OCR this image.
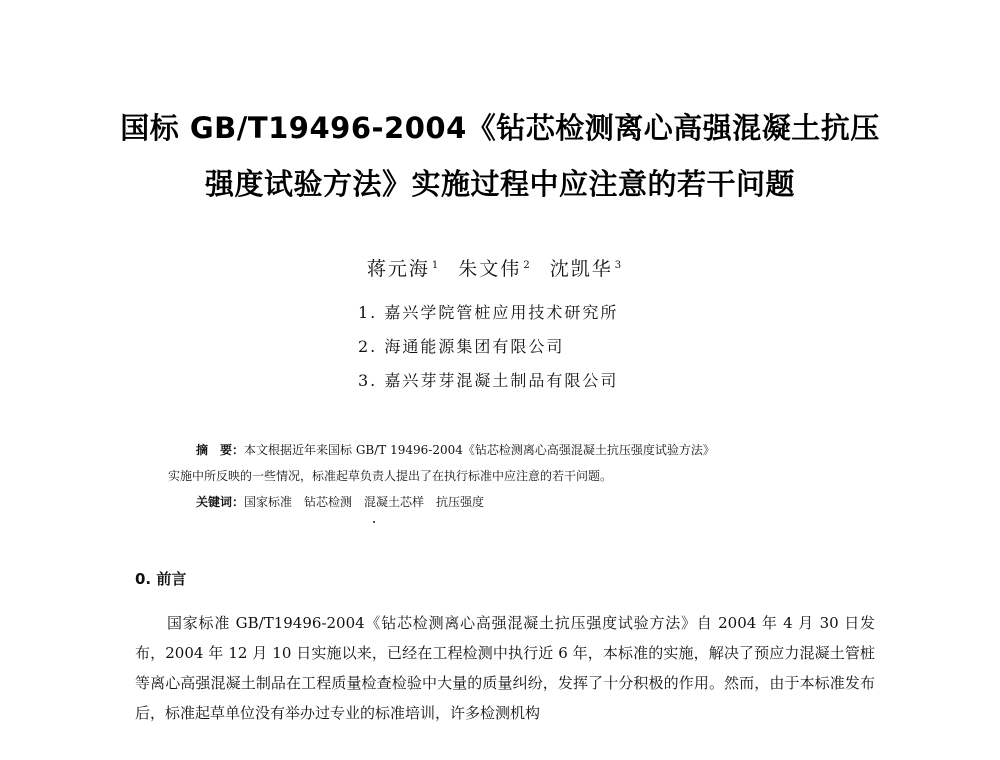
国标 GB/T19496-2004《钻芯检测离心高强混凝土抗压
强度试验方法》实施过程中应注意的若干问题
蒋元海 $^1$ 朱文伟 $^2$ 沈凯华 $^3$
1. 嘉兴学院管桩应用技术研究所
2. 海通能源集团有限公司
3. 嘉兴芽芽混凝土制品有限公司
摘　要：本文根据近年来国标 GB/T 19496-2004《钻芯检测离心高强混凝土抗压强度试验方法》
实施中所反映的一些情况，标准起草负责人提出了在执行标准中应注意的若干问题。
关键词：国家标准　钻芯检测　混凝土芯样　抗压强度
0. 前言

国家标准 GB/T19496-2004《钻芯检测离心高强混凝土抗压强度试验方法》自 2004 年 4 月 30 日发布，2004 年 12 月 10 日实施以来，已经在工程检测中执行近 6 年，本标准的实施，解决了预应力混凝土管桩等离心高强混凝土制品在工程质量检查检验中大量的质量纠纷，发挥了十分积极的作用。然而，由于本标准发布后，标准起草单位没有举办过专业的标准培训，许多检测机构
